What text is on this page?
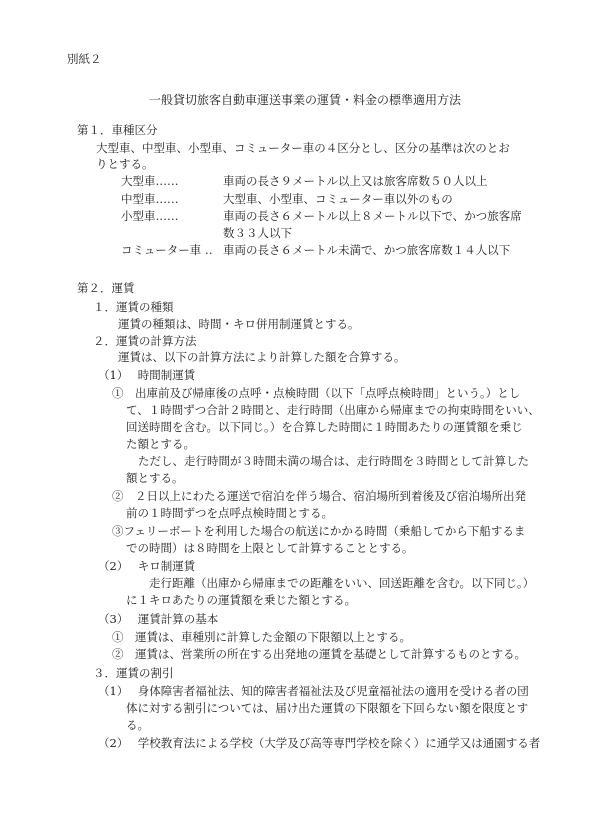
別紙２
一般貸切旅客自動車運送事業の運賃・料金の標準適用方法
第１．車種区分
大型車、中型車、小型車、コミューター車の４区分とし、区分の基準は次のとお
りとする。
大型車‥‥‥	車両の長さ９メートル以上又は旅客席数５０人以上
中型車‥‥‥	大型車、小型車、コミューター車以外のもの
小型車‥‥‥	車両の長さ６メートル以上８メートル以下で、かつ旅客席
数３３人以下
コミューター車 ‥ 車両の長さ６メートル未満で、かつ旅客席数１４人以下
第２．運賃
１．運賃の種類
運賃の種類は、時間・キロ併用制運賃とする。
２．運賃の計算方法
運賃は、以下の計算方法により計算した額を合算する。
（1）　 時間制運賃
①　出庫前及び帰庫後の点呼・点検時間（以下「点呼点検時間」という。）とし
て、１時間ずつ合計２時間と、走行時間（出庫から帰庫までの拘束時間をいい、
回送時間を含む。以下同じ。）を合算した時間に１時間あたりの運賃額を乗じ
た額とする。
ただし、走行時間が３時間未満の場合は、走行時間を３時間として計算した
額とする。
②　２日以上にわたる運送で宿泊を伴う場合、宿泊場所到着後及び宿泊場所出発
前の１時間ずつを点呼点検時間とする。
③フェリーボートを利用した場合の航送にかかる時間（乗船してから下船するま
での時間）は８時間を上限として計算することとする。
（2）　 キロ制運賃
走行距離（出庫から帰庫までの距離をいい、回送距離を含む。以下同じ。）
に１キロあたりの運賃額を乗じた額とする。
（3）　 運賃計算の基本
①　運賃は、車種別に計算した金額の下限額以上とする。
②　運賃は、営業所の所在する出発地の運賃を基礎として計算するものとする。
３．運賃の割引
（1）　 身体障害者福祉法、知的障害者福祉法及び児童福祉法の適用を受ける者の団
体に対する割引については、届け出た運賃の下限額を下回らない額を限度とす
る。
（2）　 学校教育法による学校（大学及び高等専門学校を除く）に通学又は通園する者
